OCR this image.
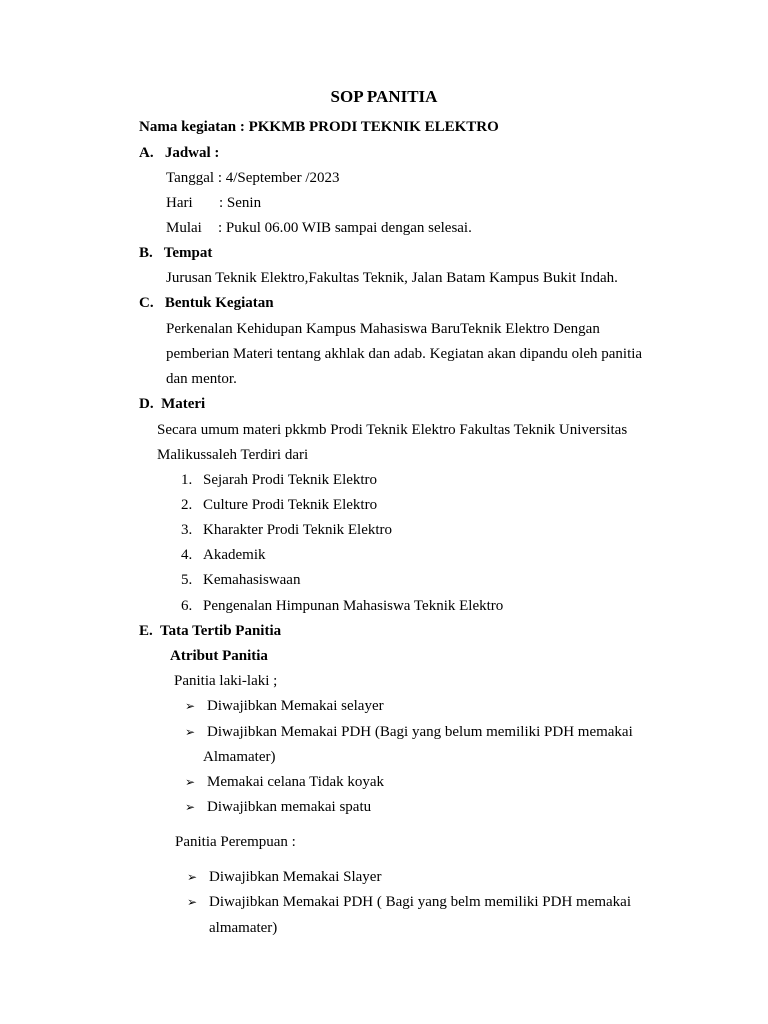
SOP PANITIA
Nama kegiatan : PKKMB PRODI TEKNIK ELEKTRO
A.   Jadwal :
Tanggal : 4/September /2023
Hari : Senin
Mulai : Pukul 06.00 WIB sampai dengan selesai.
B.   Tempat
Jurusan Teknik Elektro,Fakultas Teknik, Jalan Batam Kampus Bukit Indah.
C.   Bentuk Kegiatan
Perkenalan Kehidupan Kampus Mahasiswa BaruTeknik Elektro Dengan
pemberian Materi tentang akhlak dan adab. Kegiatan akan dipandu oleh panitia
dan mentor.
D.  Materi
Secara umum materi pkkmb Prodi Teknik Elektro Fakultas Teknik Universitas
Malikussaleh Terdiri dari
1. Sejarah Prodi Teknik Elektro
2. Culture Prodi Teknik Elektro
3. Kharakter Prodi Teknik Elektro
4. Akademik
5. Kemahasiswaan
6. Pengenalan Himpunan Mahasiswa Teknik Elektro
E.  Tata Tertib Panitia
Atribut Panitia
Panitia laki-laki ;
➢ Diwajibkan Memakai selayer
➢ Diwajibkan Memakai PDH (Bagi yang belum memiliki PDH memakai
Almamater)
➢ Memakai celana Tidak koyak
➢ Diwajibkan memakai spatu
Panitia Perempuan :
➢ Diwajibkan Memakai Slayer
➢ Diwajibkan Memakai PDH ( Bagi yang belm memiliki PDH memakai
almamater)
